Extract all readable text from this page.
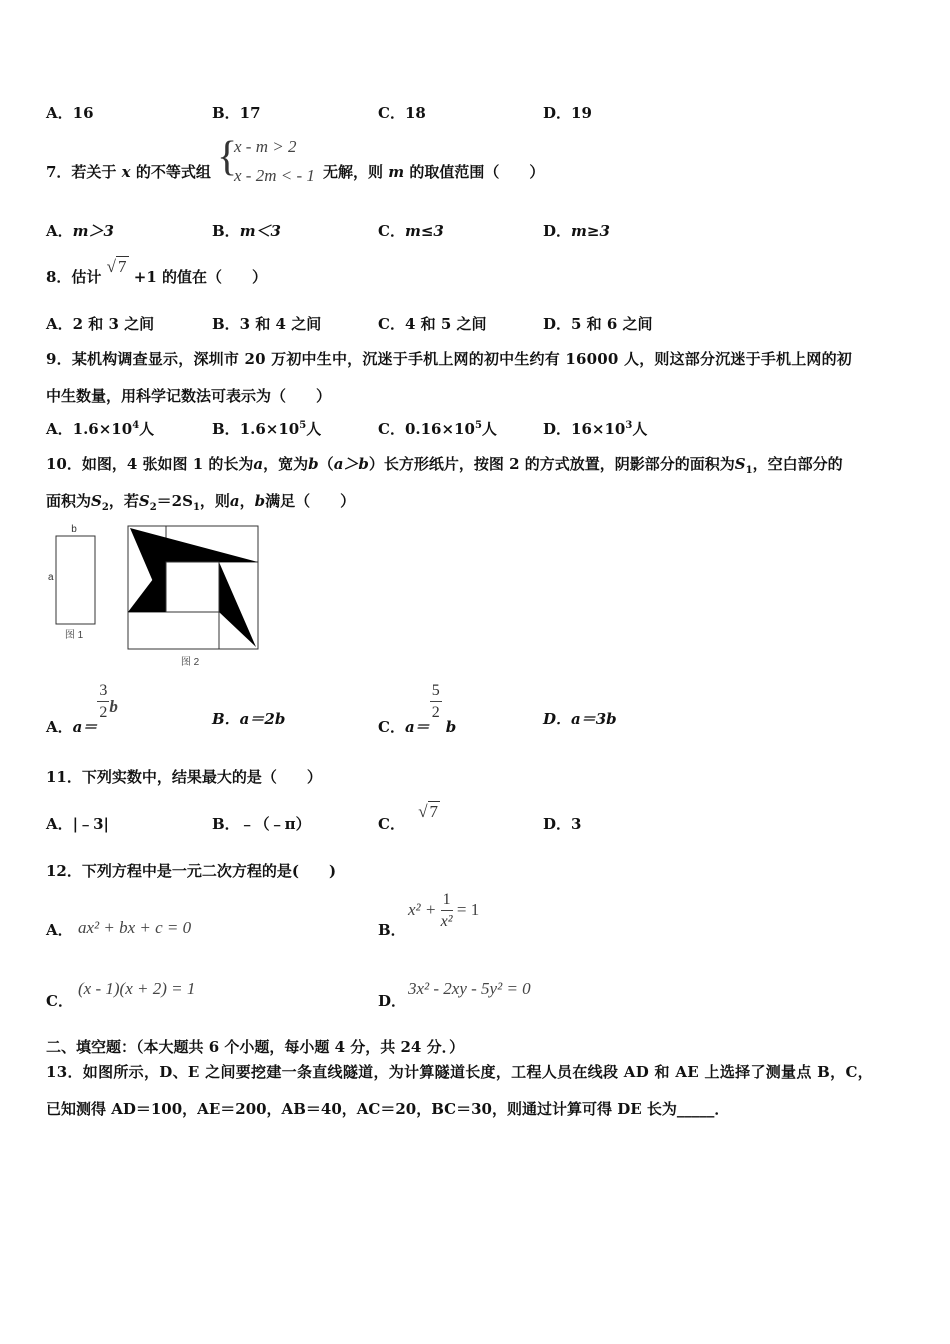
A．16	B．17	C．18	D．19
7．若关于 x 的不等式组 {
x - m > 2
x - 2m < - 1 无解，则 m 的取值范围（　　）
A．m＞3	B．m＜3	C．m≤3	D．m≥3
8．估计 √ 7 +1 的值在（　　）
A．2 和 3 之间	B．3 和 4 之间	C．4 和 5 之间	D．5 和 6 之间
9．某机构调查显示，深圳市 20 万初中生中，沉迷于手机上网的初中生约有 16000 人，则这部分沉迷于手机上网的初
中生数量，用科学记数法可表示为（　　）
A．$1.6\times 10^4$人	B．$1.6\times 10^5$人	C．$0.16\times 10^5$人	D．$16\times 10^3$人
10．如图，4 张如图 1 的长为a，宽为b（a＞b）长方形纸片，按图 2 的方式放置，阴影部分的面积为$S_1$，空白部分的
面积为$S_2$，若$S_2=2S_1$，则a，b满足（　　）
b
a
图 1
图 2
A．a＝
$\frac{3}{2}$ b
B．a＝2b	C．a＝
$\frac{5}{2}$
b	D．a＝3b
11．下列实数中，结果最大的是（　　）
A．|﹣3|	B．﹣（﹣π）	C． √ 7
D．3
12．下列方程中是一元二次方程的是(　　)
A． ax² + bx + c = 0	B．
$x^2 + \frac{1}{\text{x²}} = 1$
C．
(x - 1)(x + 2) = 1
D．
3x² - 2xy - 5y² = 0
二、填空题：（本大题共 6 个小题，每小题 4 分，共 24 分．）
13．如图所示，D、E 之间要挖建一条直线隧道，为计算隧道长度，工程人员在线段 AD 和 AE 上选择了测量点 B，C，
已知测得 AD＝100，AE＝200，AB＝40，AC＝20，BC＝30，则通过计算可得 DE 长为_____．
